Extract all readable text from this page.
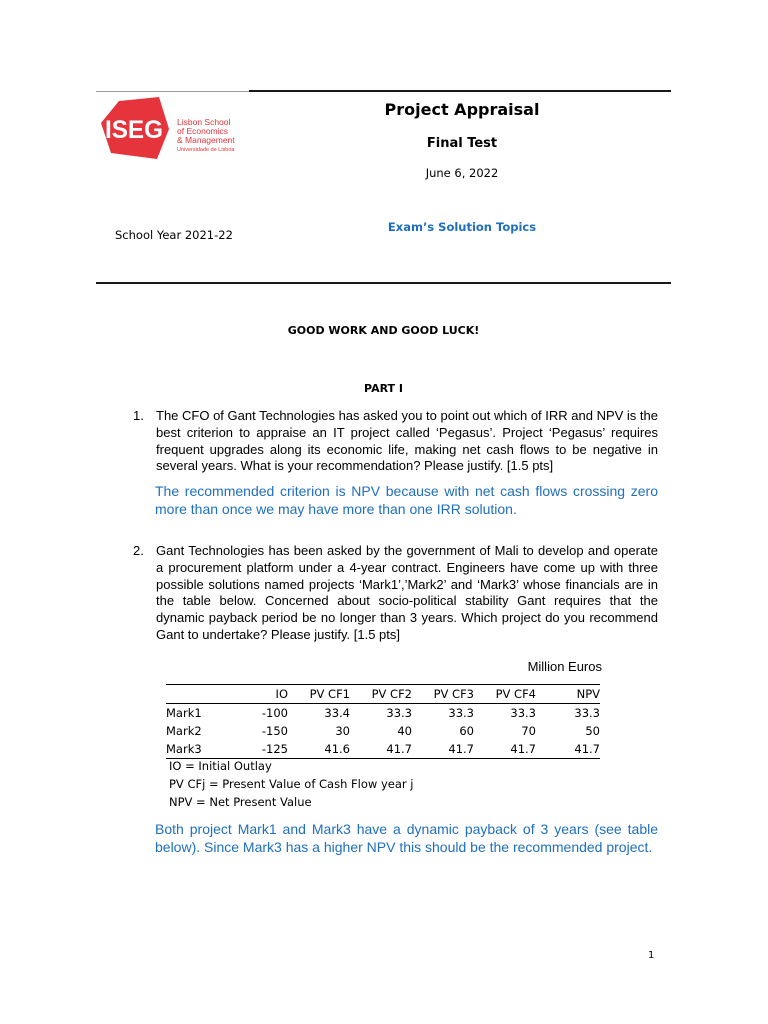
ISEG Lisbon School
of Economics
& Management
Universidade de Lisboa
Project Appraisal
Final Test
June 6, 2022
Exam’s Solution Topics
School Year 2021-22
GOOD WORK AND GOOD LUCK!
PART I
1. The CFO of Gant Technologies has asked you to point out which of IRR and NPV is the best criterion to appraise an IT project called ‘Pegasus’. Project ‘Pegasus’ requires frequent upgrades along its economic life, making net cash flows to be negative in several years. What is your recommendation? Please justify. [1.5 pts]
The recommended criterion is NPV because with net cash flows crossing zero more than once we may have more than one IRR solution.
2. Gant Technologies has been asked by the government of Mali to develop and operate a procurement platform under a 4-year contract. Engineers have come up with three possible solutions named projects ‘Mark1’,’Mark2’ and ‘Mark3’ whose financials are in the table below. Concerned about socio-political stability Gant requires that the dynamic payback period be no longer than 3 years. Which project do you recommend Gant to undertake? Please justify. [1.5 pts]
Million Euros
	IO	PV CF1	PV CF2	PV CF3	PV CF4	NPV
Mark1	-100	33.4	33.3	33.3	33.3	33.3
Mark2	-150	30	40	60	70	50
Mark3	-125	41.6	41.7	41.7	41.7	41.7
IO = Initial Outlay
PV CFj = Present Value of Cash Flow year j
NPV = Net Present Value
Both project Mark1 and Mark3 have a dynamic payback of 3 years (see table below). Since Mark3 has a higher NPV this should be the recommended project.
1
